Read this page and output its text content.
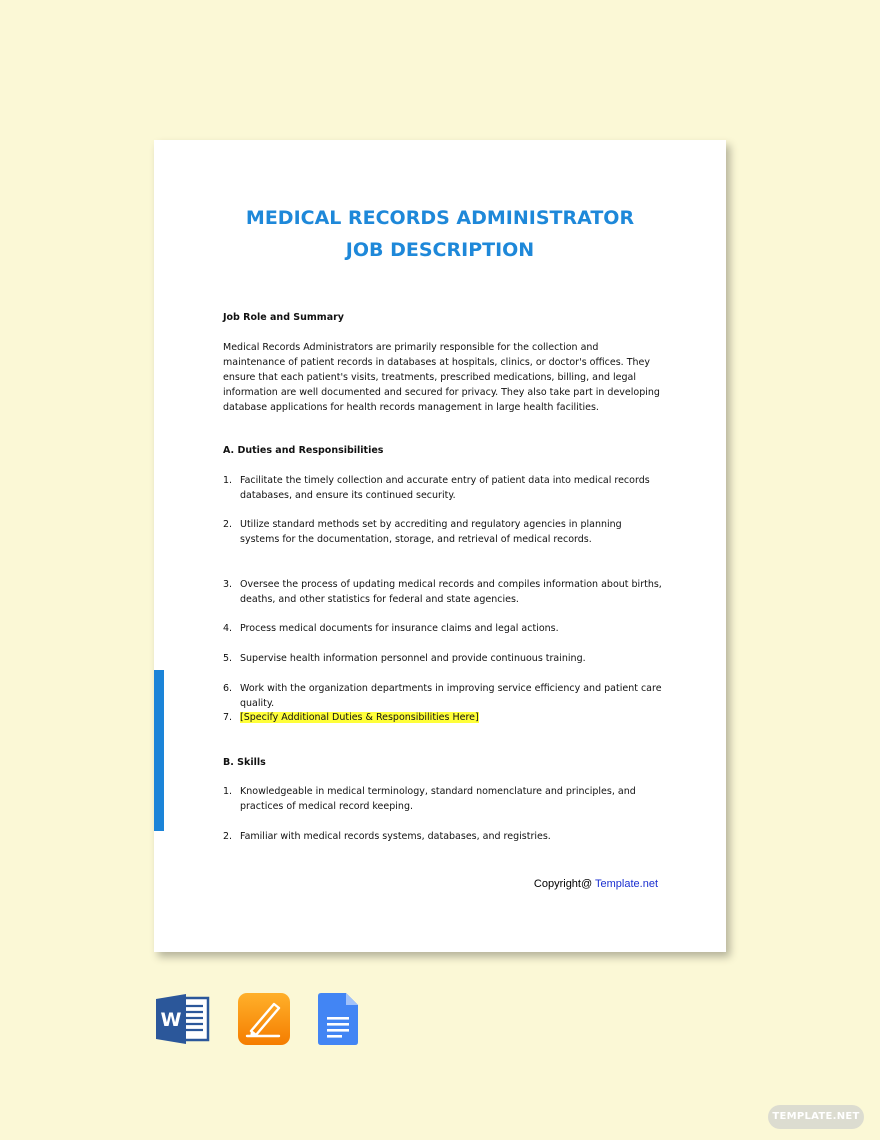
MEDICAL RECORDS ADMINISTRATOR
JOB DESCRIPTION
Job Role and Summary
Medical Records Administrators are primarily responsible for the collection and maintenance of patient records in databases at hospitals, clinics, or doctor's offices. They ensure that each patient's visits, treatments, prescribed medications, billing, and legal information are well documented and secured for privacy. They also take part in developing database applications for health records management in large health facilities.
A. Duties and Responsibilities
1. Facilitate the timely collection and accurate entry of patient data into medical records databases, and ensure its continued security.
2. Utilize standard methods set by accrediting and regulatory agencies in planning systems for the documentation, storage, and retrieval of medical records.
3. Oversee the process of updating medical records and compiles information about births, deaths, and other statistics for federal and state agencies.
4. Process medical documents for insurance claims and legal actions.
5. Supervise health information personnel and provide continuous training.
6. Work with the organization departments in improving service efficiency and patient care quality.
7. [Specify Additional Duties & Responsibilities Here]
B. Skills
1. Knowledgeable in medical terminology, standard nomenclature and principles, and practices of medical record keeping.
2. Familiar with medical records systems, databases, and registries.
Copyright@ Template.net
W
TEMPLATE.NET
